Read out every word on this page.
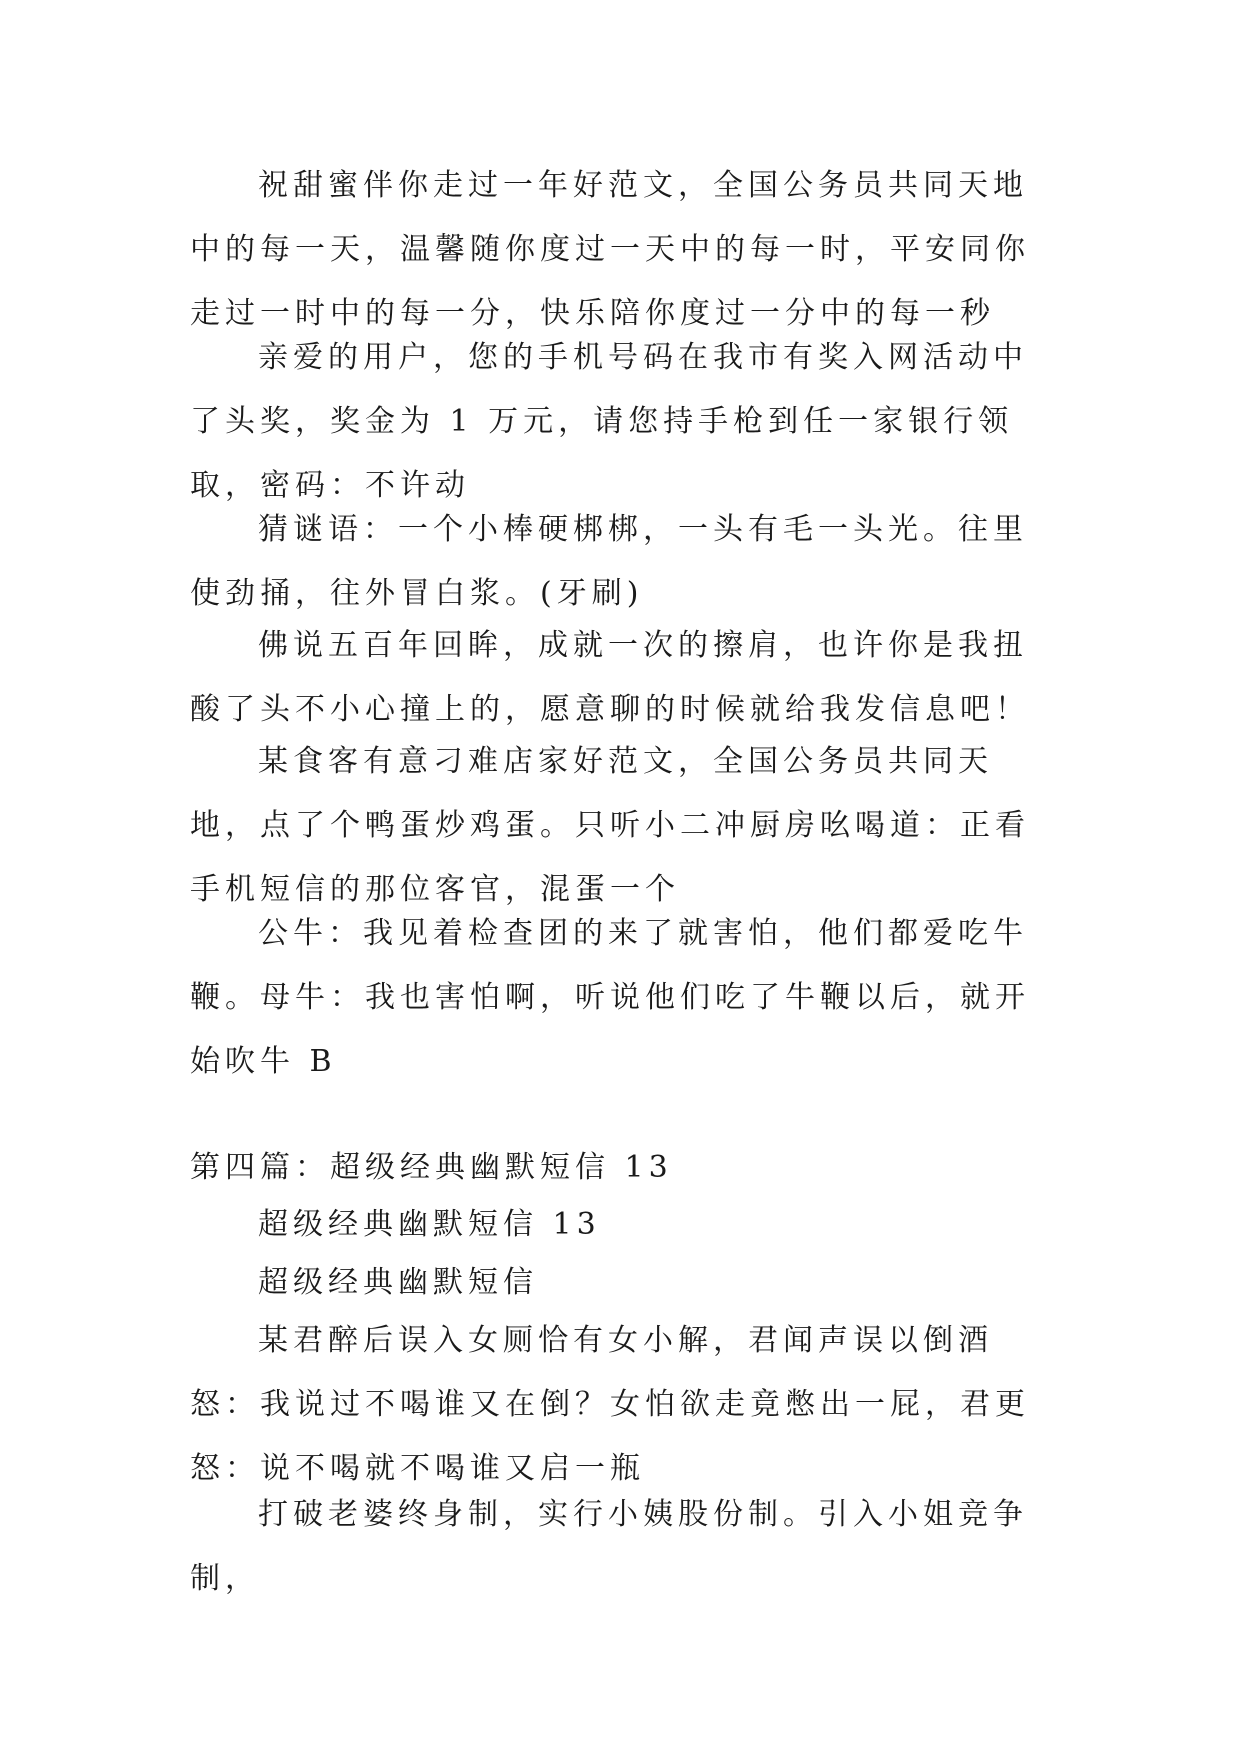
祝甜蜜伴你走过一年好范文，全国公务员共同天地中的每一天，温馨随你度过一天中的每一时，平安同你走过一时中的每一分，快乐陪你度过一分中的每一秒

亲爱的用户，您的手机号码在我市有奖入网活动中了头奖，奖金为 1 万元，请您持手枪到任一家银行领取，密码：不许动

猜谜语：一个小棒硬梆梆，一头有毛一头光。往里使劲捅，往外冒白浆。(牙刷)

佛说五百年回眸，成就一次的擦肩，也许你是我扭酸了头不小心撞上的，愿意聊的时候就给我发信息吧！

某食客有意刁难店家好范文，全国公务员共同天地，点了个鸭蛋炒鸡蛋。只听小二冲厨房吆喝道：正看手机短信的那位客官，混蛋一个

公牛：我见着检查团的来了就害怕，他们都爱吃牛鞭。母牛：我也害怕啊，听说他们吃了牛鞭以后，就开始吹牛 B

第四篇：超级经典幽默短信 13

超级经典幽默短信 13

超级经典幽默短信

某君醉后误入女厕恰有女小解，君闻声误以倒酒怒：我说过不喝谁又在倒？女怕欲走竟憋出一屁，君更怒：说不喝就不喝谁又启一瓶

打破老婆终身制，实行小姨股份制。引入小姐竞争制，
